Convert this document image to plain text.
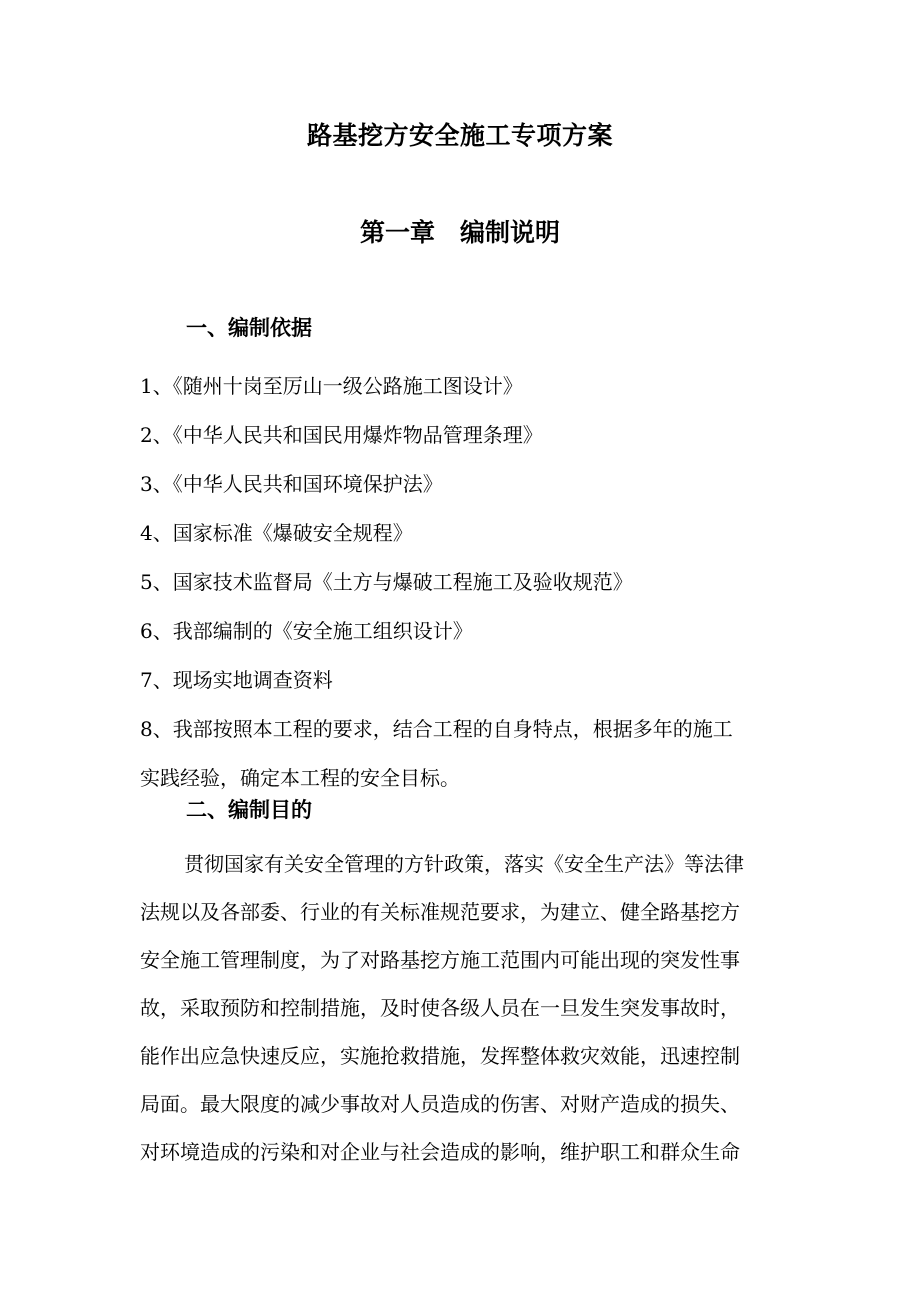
路基挖方安全施工专项方案
第一章　编制说明
一、编制依据
1、《随州十岗至厉山一级公路施工图设计》
2、《中华人民共和国民用爆炸物品管理条理》
3、《中华人民共和国环境保护法》
4、国家标准《爆破安全规程》
5、国家技术监督局《土方与爆破工程施工及验收规范》
6、我部编制的《安全施工组织设计》
7、现场实地调查资料
8、我部按照本工程的要求，结合工程的自身特点，根据多年的施工
实践经验，确定本工程的安全目标。
二、编制目的
贯彻国家有关安全管理的方针政策，落实《安全生产法》等法律
法规以及各部委、行业的有关标准规范要求，为建立、健全路基挖方
安全施工管理制度，为了对路基挖方施工范围内可能出现的突发性事
故，采取预防和控制措施，及时使各级人员在一旦发生突发事故时，
能作出应急快速反应，实施抢救措施，发挥整体救灾效能，迅速控制
局面。最大限度的减少事故对人员造成的伤害、对财产造成的损失、
对环境造成的污染和对企业与社会造成的影响，维护职工和群众生命
